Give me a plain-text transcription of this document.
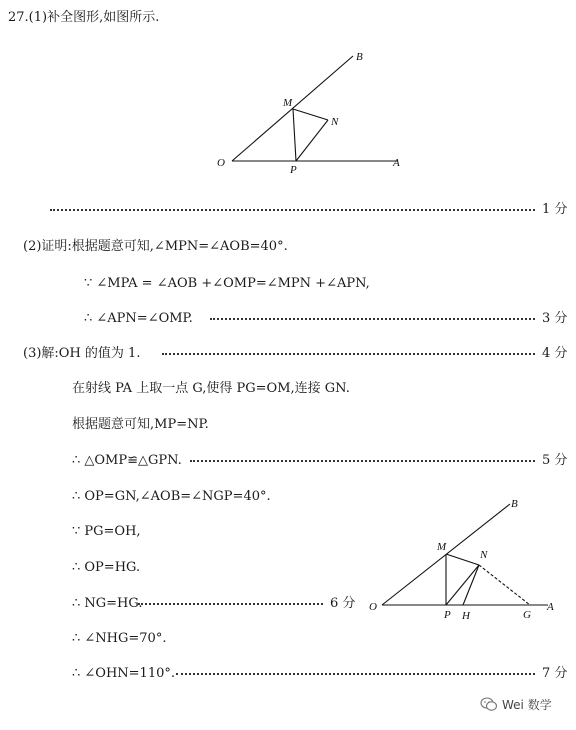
27.(1)补全图形,如图所示.
B
M
N
O
P
A
1 分
(2)证明:根据题意可知,∠MPN=∠AOB=40°.
∵ ∠MPA = ∠AOB +∠OMP=∠MPN +∠APN,
∴ ∠APN=∠OMP.	3 分
(3)解:OH 的值为 1.	4 分
在射线 PA 上取一点 G,使得 PG=OM,连接 GN.
根据题意可知,MP=NP.
∴ △OMP≌△GPN.	5 分
∴ OP=GN,∠AOB=∠NGP=40°.
∵ PG=OH,
∴ OP=HG.
∴ NG=HG.	6 分
∴ ∠NHG=70°.
∴ ∠OHN=110°.	7 分
B
M
N
O
P H	G
A
Wei 数学
